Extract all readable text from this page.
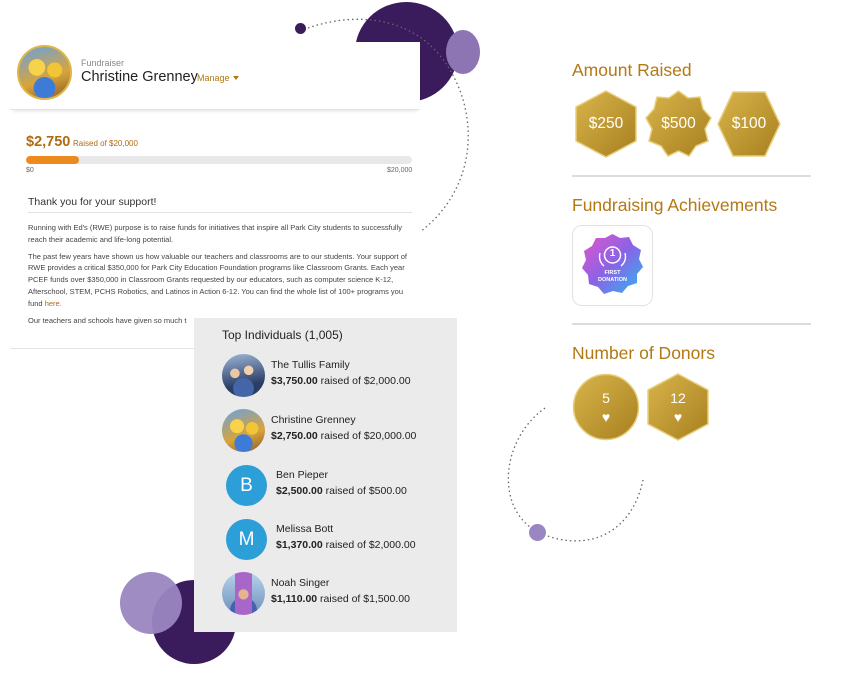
Fundraiser
Christine Grenney Manage
$2,750 Raised of $20,000
$0	$20,000
Thank you for your support!

Running with Ed's (RWE) purpose is to raise funds for initiatives that inspire all Park City students to successfully reach their academic and life-long potential.

The past few years have shown us how valuable our teachers and classrooms are to our students. Your support of RWE provides a critical $350,000 for Park City Education Foundation programs like Classroom Grants. Each year PCEF funds over $350,000 in Classroom Grants requested by our educators, such as computer science K-12, Afterschool, STEM, PCHS Robotics, and Latinos in Action 6-12. You can find the whole list of 100+ programs you fund here.

Our teachers and schools have given so much t

Top Individuals (1,005)
The Tullis Family
$3,750.00 raised of $2,000.00
Christine Grenney
$2,750.00 raised of $20,000.00
B	Ben Pieper
$2,500.00 raised of $500.00
M	Melissa Bott
$1,370.00 raised of $2,000.00
Noah Singer
$1,110.00 raised of $1,500.00
Amount Raised
$250	$500	$100
Fundraising Achievements
1
FIRST
DONATION
Number of Donors
5
♥
12
♥
